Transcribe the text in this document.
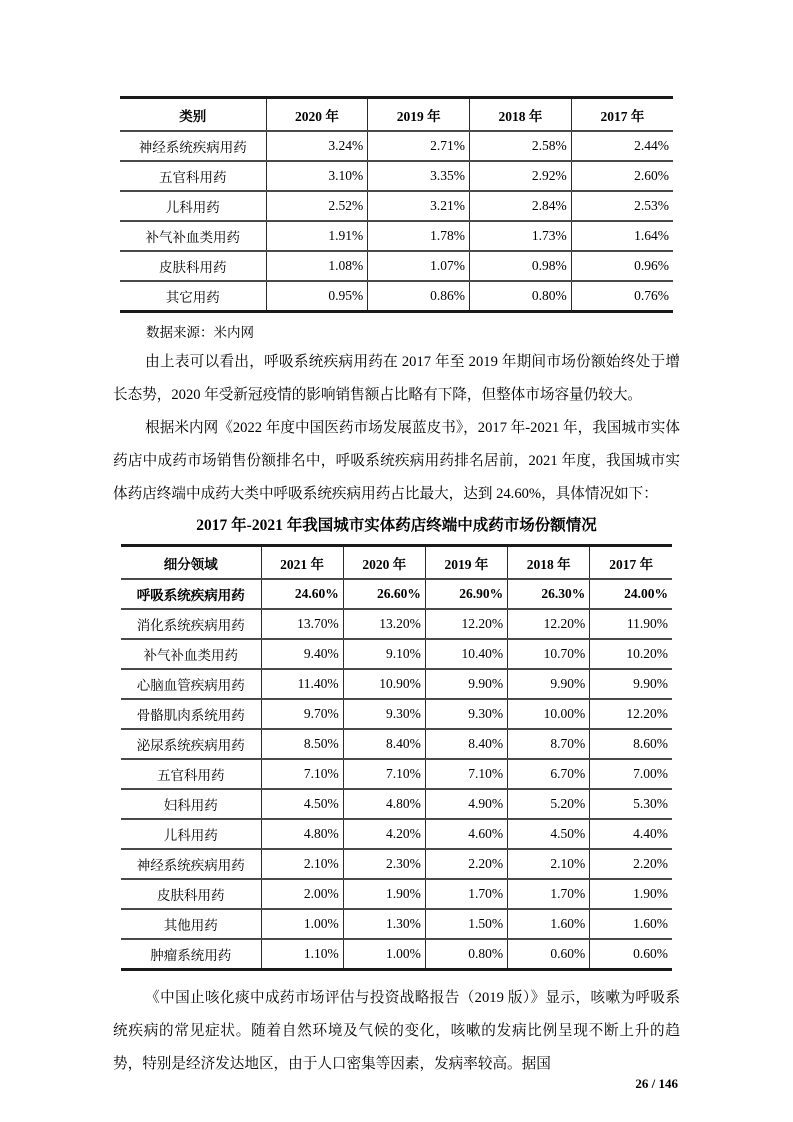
类别	2020 年	2019 年	2018 年	2017 年
神经系统疾病用药	3.24%	2.71%	2.58%	2.44%
五官科用药	3.10%	3.35%	2.92%	2.60%
儿科用药	2.52%	3.21%	2.84%	2.53%
补气补血类用药	1.91%	1.78%	1.73%	1.64%
皮肤科用药	1.08%	1.07%	0.98%	0.96%
其它用药	0.95%	0.86%	0.80%	0.76%
数据来源：米内网

由上表可以看出，呼吸系统疾病用药在 2017 年至 2019 年期间市场份额始终处于增长态势，2020 年受新冠疫情的影响销售额占比略有下降，但整体市场容量仍较大。

根据米内网《2022 年度中国医药市场发展蓝皮书》，2017 年-2021 年，我国城市实体药店中成药市场销售份额排名中，呼吸系统疾病用药排名居前，2021 年度，我国城市实体药店终端中成药大类中呼吸系统疾病用药占比最大，达到 24.60%，具体情况如下：

2017 年-2021 年我国城市实体药店终端中成药市场份额情况
细分领域	2021 年	2020 年	2019 年	2018 年	2017 年
呼吸系统疾病用药	24.60%	26.60%	26.90%	26.30%	24.00%
消化系统疾病用药	13.70%	13.20%	12.20%	12.20%	11.90%
补气补血类用药	9.40%	9.10%	10.40%	10.70%	10.20%
心脑血管疾病用药	11.40%	10.90%	9.90%	9.90%	9.90%
骨骼肌肉系统用药	9.70%	9.30%	9.30%	10.00%	12.20%
泌尿系统疾病用药	8.50%	8.40%	8.40%	8.70%	8.60%
五官科用药	7.10%	7.10%	7.10%	6.70%	7.00%
妇科用药	4.50%	4.80%	4.90%	5.20%	5.30%
儿科用药	4.80%	4.20%	4.60%	4.50%	4.40%
神经系统疾病用药	2.10%	2.30%	2.20%	2.10%	2.20%
皮肤科用药	2.00%	1.90%	1.70%	1.70%	1.90%
其他用药	1.00%	1.30%	1.50%	1.60%	1.60%
肿瘤系统用药	1.10%	1.00%	0.80%	0.60%	0.60%

《中国止咳化痰中成药市场评估与投资战略报告（2019 版）》显示，咳嗽为呼吸系统疾病的常见症状。随着自然环境及气候的变化，咳嗽的发病比例呈现不断上升的趋势，特别是经济发达地区，由于人口密集等因素，发病率较高。据国

26 / 146
